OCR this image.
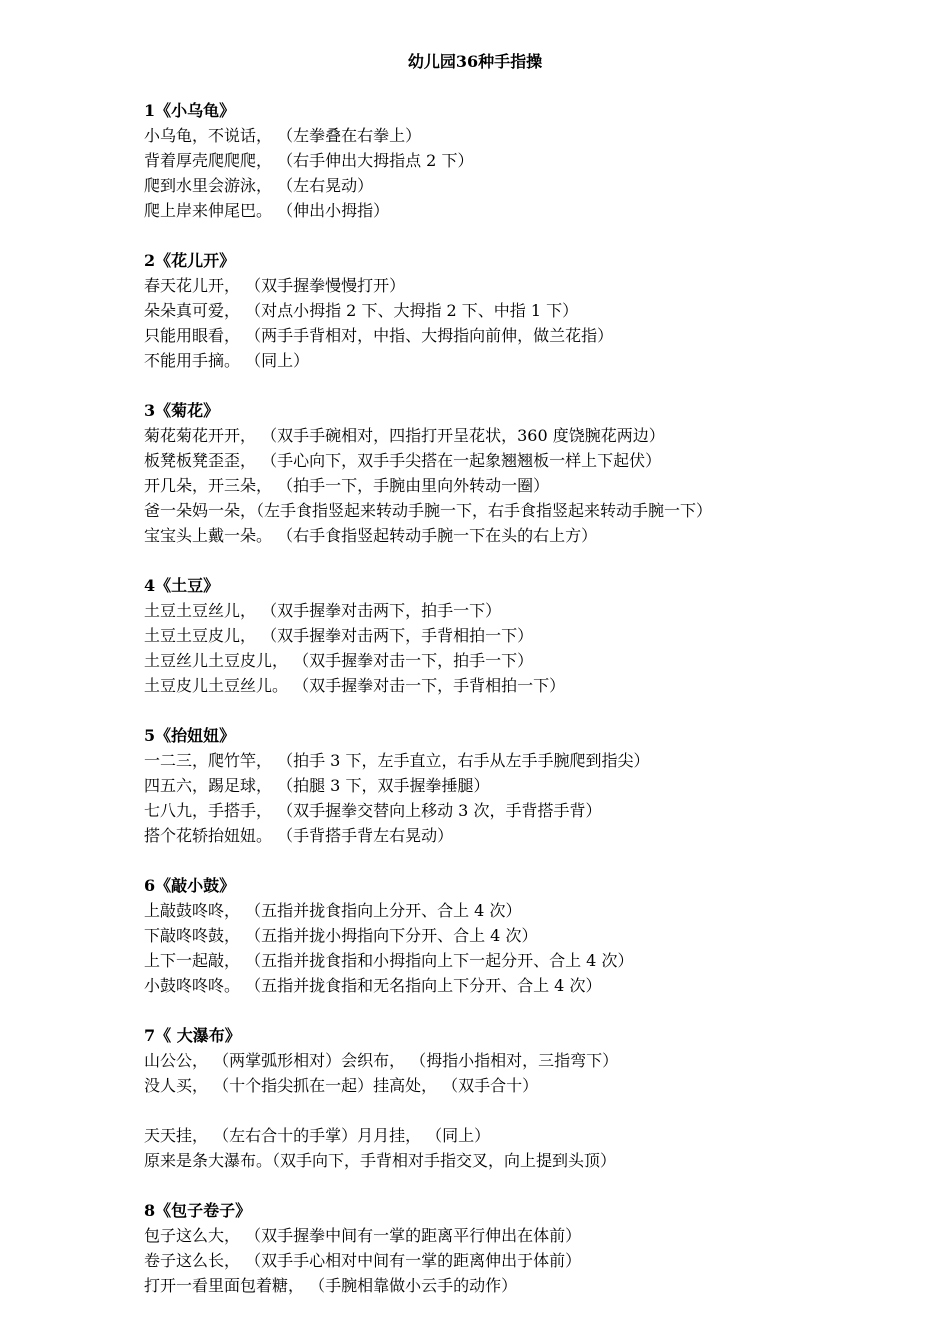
幼儿园36种手指操
1《小乌龟》
小乌龟，不说话， （左拳叠在右拳上）
背着厚壳爬爬爬， （右手伸出大拇指点 2 下）
爬到水里会游泳， （左右晃动）
爬上岸来伸尾巴。 （伸出小拇指）
2《花儿开》
春天花儿开， （双手握拳慢慢打开）
朵朵真可爱， （对点小拇指 2 下、大拇指 2 下、中指 1 下）
只能用眼看， （两手手背相对，中指、大拇指向前伸，做兰花指）
不能用手摘。 （同上）
3《菊花》
菊花菊花开开， （双手手碗相对，四指打开呈花状，360 度饶腕花两边）
板凳板凳歪歪， （手心向下，双手手尖搭在一起象翘翘板一样上下起伏）
开几朵，开三朵， （拍手一下，手腕由里向外转动一圈）
爸一朵妈一朵，（左手食指竖起来转动手腕一下，右手食指竖起来转动手腕一下）
宝宝头上戴一朵。 （右手食指竖起转动手腕一下在头的右上方）
4《土豆》
土豆土豆丝儿， （双手握拳对击两下，拍手一下）
土豆土豆皮儿， （双手握拳对击两下，手背相拍一下）
土豆丝儿土豆皮儿， （双手握拳对击一下，拍手一下）
土豆皮儿土豆丝儿。 （双手握拳对击一下，手背相拍一下）
5《抬妞妞》
一二三，爬竹竿， （拍手 3 下，左手直立，右手从左手手腕爬到指尖）
四五六，踢足球， （拍腿 3 下，双手握拳捶腿）
七八九，手搭手， （双手握拳交替向上移动 3 次，手背搭手背）
搭个花轿抬妞妞。 （手背搭手背左右晃动）
6《敲小鼓》
上敲鼓咚咚， （五指并拢食指向上分开、合上 4 次）
下敲咚咚鼓， （五指并拢小拇指向下分开、合上 4 次）
上下一起敲， （五指并拢食指和小拇指向上下一起分开、合上 4 次）
小鼓咚咚咚。 （五指并拢食指和无名指向上下分开、合上 4 次）
7《 大瀑布》
山公公， （两掌弧形相对）会织布， （拇指小指相对，三指弯下）
没人买， （十个指尖抓在一起）挂高处， （双手合十）
天天挂， （左右合十的手掌）月月挂， （同上）
原来是条大瀑布。（双手向下，手背相对手指交叉，向上提到头顶）
8《包子卷子》
包子这么大， （双手握拳中间有一掌的距离平行伸出在体前）
卷子这么长， （双手手心相对中间有一掌的距离伸出于体前）
打开一看里面包着糖， （手腕相靠做小云手的动作）
